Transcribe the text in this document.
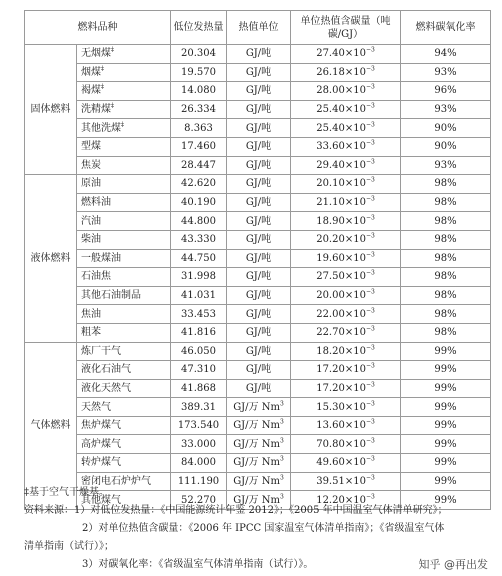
燃料品种		低位发热量	热值单位	单位热值含碳量（吨碳/GJ）	燃料碳氧化率
固体燃料	无烟煤‡	20.304	GJ/吨	$27.40\times 10^{-3}$	94%
	烟煤‡	19.570	GJ/吨	$26.18\times 10^{-3}$	93%
	褐煤‡	14.080	GJ/吨	$28.00\times 10^{-3}$	96%
	洗精煤‡	26.334	GJ/吨	$25.40\times 10^{-3}$	93%
	其他洗煤‡	8.363	GJ/吨	$25.40\times 10^{-3}$	90%
	型煤	17.460	GJ/吨	$33.60\times 10^{-3}$	90%
	焦炭	28.447	GJ/吨	$29.40\times 10^{-3}$	93%
液体燃料	原油	42.620	GJ/吨	$20.10\times 10^{-3}$	98%
	燃料油	40.190	GJ/吨	$21.10\times 10^{-3}$	98%
	汽油	44.800	GJ/吨	$18.90\times 10^{-3}$	98%
	柴油	43.330	GJ/吨	$20.20\times 10^{-3}$	98%
	一般煤油	44.750	GJ/吨	$19.60\times 10^{-3}$	98%
	石油焦	31.998	GJ/吨	$27.50\times 10^{-3}$	98%
	其他石油制品	41.031	GJ/吨	$20.00\times 10^{-3}$	98%
	焦油	33.453	GJ/吨	$22.00\times 10^{-3}$	98%
	粗苯	41.816	GJ/吨	$22.70\times 10^{-3}$	98%
气体燃料	炼厂干气	46.050	GJ/吨	$18.20\times 10^{-3}$	99%
	液化石油气	47.310	GJ/吨	$17.20\times 10^{-3}$	99%
	液化天然气	41.868	GJ/吨	$17.20\times 10^{-3}$	99%
	天然气	389.31	GJ/万 Nm$^3$	$15.30\times 10^{-3}$	99%
	焦炉煤气	173.540	GJ/万 Nm$^3$	$13.60\times 10^{-3}$	99%
	高炉煤气	33.000	GJ/万 Nm$^3$	$70.80\times 10^{-3}$	99%
	转炉煤气	84.000	GJ/万 Nm$^3$	$49.60\times 10^{-3}$	99%
	密闭电石炉炉气	111.190	GJ/万 Nm$^3$	$39.51\times 10^{-3}$	99%
	其他煤气	52.270	GJ/万 Nm$^3$	$12.20\times 10^{-3}$	99%

‡基于空气干燥基。

资料来源：1）对低位发热量：《中国能源统计年鉴 2012》；《2005 年中国温室气体清单研究》；

2）对单位热值含碳量：《2006 年 IPCC 国家温室气体清单指南》；《省级温室气体

清单指南（试行）》；

3）对碳氧化率：《省级温室气体清单指南（试行）》。	知乎 @再出发
